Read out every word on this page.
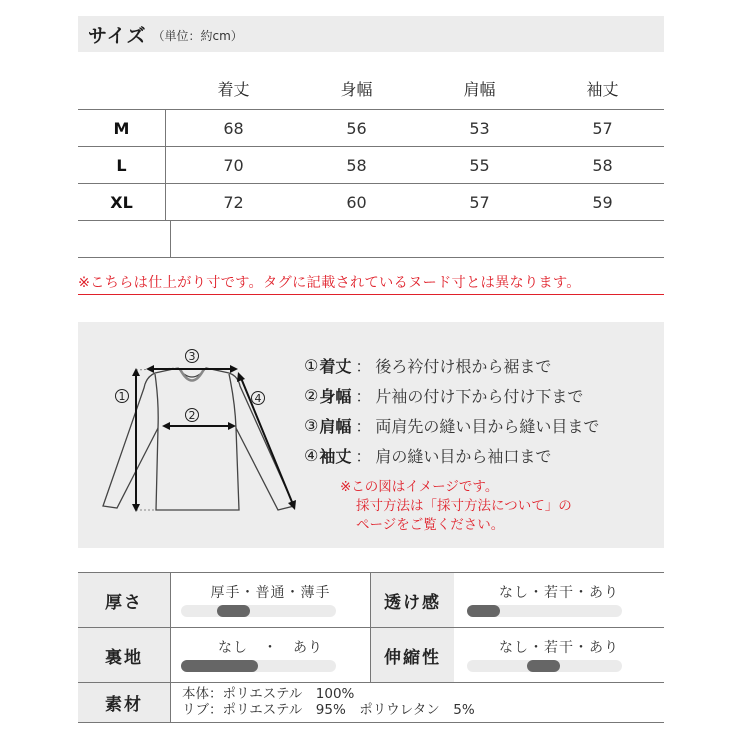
サイズ （単位：約cm）
着丈	身幅	肩幅	袖丈
M	68	56	53	57
L	70	58	55	58
XL	72	60	57	59
※こちらは仕上がり寸です。タグに記載されているヌード寸とは異なります。
3
1
2
4
① 着丈 ： 後ろ衿付け根から裾まで
② 身幅 ： 片袖の付け下から付け下まで
③ 肩幅 ： 両肩先の縫い目から縫い目まで
④ 袖丈 ： 肩の縫い目から袖口まで
※この図はイメージです。
採寸方法は「採寸方法について」の
ページをご覧ください。
厚さ	厚手・普通・薄手	透け感	なし・若干・あり
裏地	なし　・　あり	伸縮性	なし・若干・あり
素材
本体：ポリエステル　100%
リブ：ポリエステル　95%　ポリウレタン　5%
